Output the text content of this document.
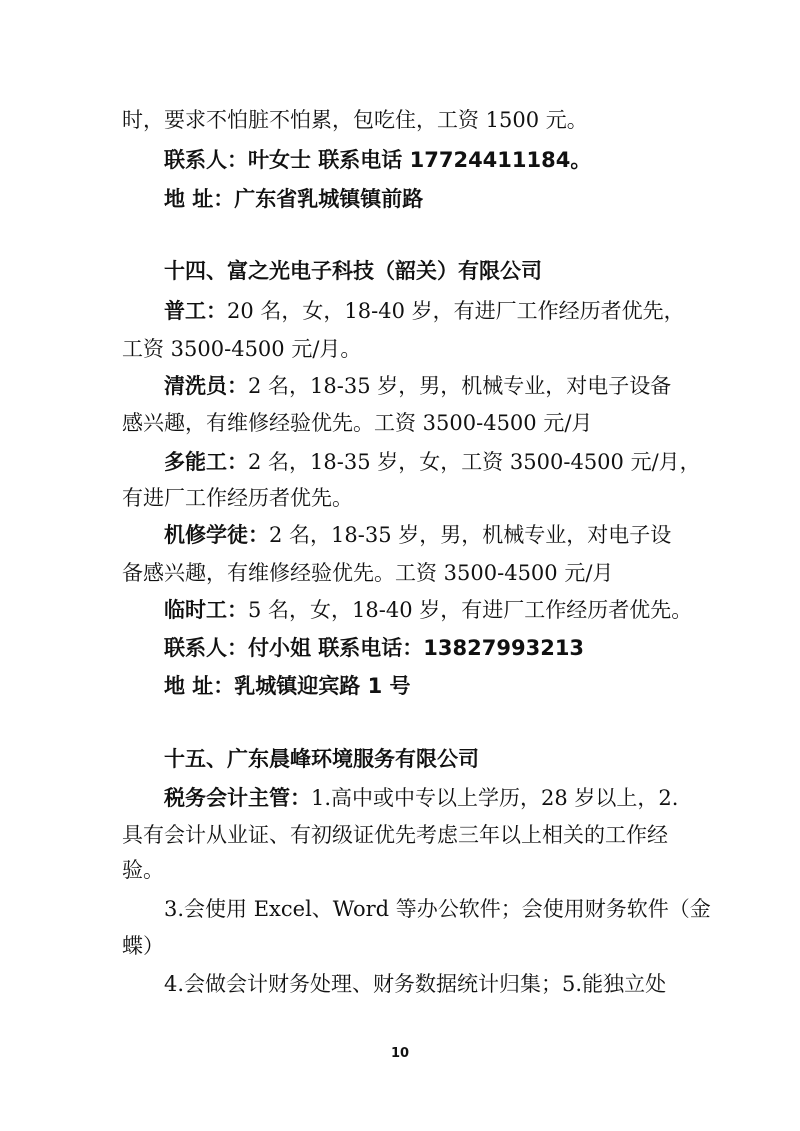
时，要求不怕脏不怕累，包吃住，工资 1500 元。

联系人：叶女士 联系电话 17724411184。

地 址：广东省乳城镇镇前路

十四、富之光电子科技（韶关）有限公司

普工：20 名，女，18-40 岁，有进厂工作经历者优先，

工资 3500-4500 元/月。

清洗员：2 名，18-35 岁，男，机械专业，对电子设备

感兴趣，有维修经验优先。工资 3500-4500 元/月

多能工：2 名，18-35 岁，女，工资 3500-4500 元/月，

有进厂工作经历者优先。

机修学徒：2 名，18-35 岁，男，机械专业，对电子设

备感兴趣，有维修经验优先。工资 3500-4500 元/月

临时工：5 名，女，18-40 岁，有进厂工作经历者优先。

联系人：付小姐 联系电话：13827993213

地 址：乳城镇迎宾路 1 号

十五、广东晨峰环境服务有限公司

税务会计主管：1.高中或中专以上学历，28 岁以上，2.

具有会计从业证、有初级证优先考虑三年以上相关的工作经

验。

3.会使用 Excel、Word 等办公软件；会使用财务软件（金

蝶）

4.会做会计财务处理、财务数据统计归集；5.能独立处

10
